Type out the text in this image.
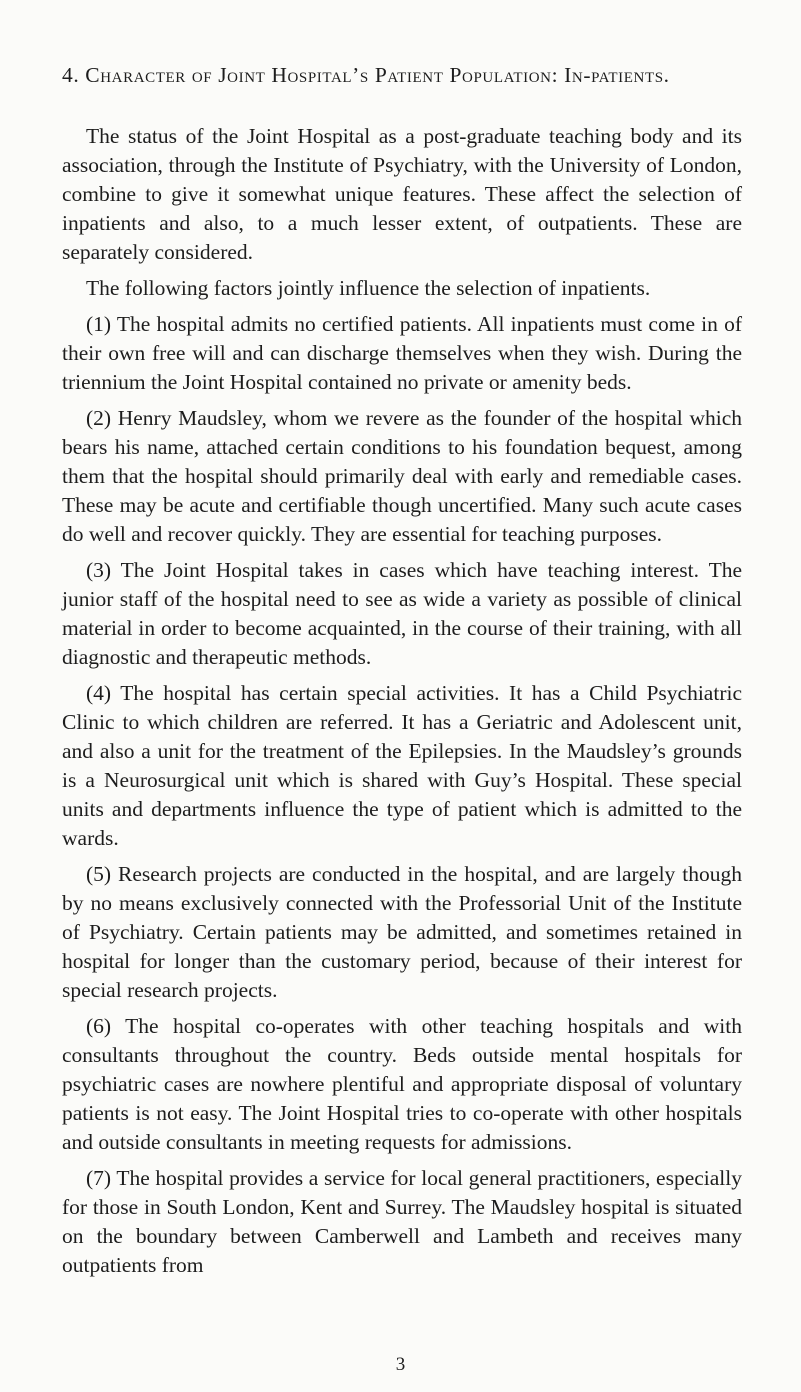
4. Character of Joint Hospital’s Patient Population: In-patients.

The status of the Joint Hospital as a post-graduate teaching body and its association, through the Institute of Psychiatry, with the University of London, combine to give it somewhat unique features. These affect the selection of inpatients and also, to a much lesser extent, of outpatients. These are separately considered.

The following factors jointly influence the selection of inpatients.

(1) The hospital admits no certified patients. All inpatients must come in of their own free will and can discharge themselves when they wish. During the triennium the Joint Hospital contained no private or amenity beds.

(2) Henry Maudsley, whom we revere as the founder of the hospital which bears his name, attached certain conditions to his foundation bequest, among them that the hospital should primarily deal with early and remediable cases. These may be acute and certifiable though uncertified. Many such acute cases do well and recover quickly. They are essential for teaching purposes.

(3) The Joint Hospital takes in cases which have teaching interest. The junior staff of the hospital need to see as wide a variety as possible of clinical material in order to become acquainted, in the course of their training, with all diagnostic and therapeutic methods.

(4) The hospital has certain special activities. It has a Child Psychiatric Clinic to which children are referred. It has a Geriatric and Adolescent unit, and also a unit for the treatment of the Epilepsies. In the Maudsley’s grounds is a Neurosurgical unit which is shared with Guy’s Hospital. These special units and departments influence the type of patient which is admitted to the wards.

(5) Research projects are conducted in the hospital, and are largely though by no means exclusively connected with the Professorial Unit of the Institute of Psychiatry. Certain patients may be admitted, and sometimes retained in hospital for longer than the customary period, because of their interest for special research projects.

(6) The hospital co-operates with other teaching hospitals and with consultants throughout the country. Beds outside mental hospitals for psychiatric cases are nowhere plentiful and appropriate disposal of voluntary patients is not easy. The Joint Hospital tries to co-operate with other hospitals and outside consultants in meeting requests for admissions.

(7) The hospital provides a service for local general practitioners, especially for those in South London, Kent and Surrey. The Maudsley hospital is situated on the boundary between Camberwell and Lambeth and receives many outpatients from

3
